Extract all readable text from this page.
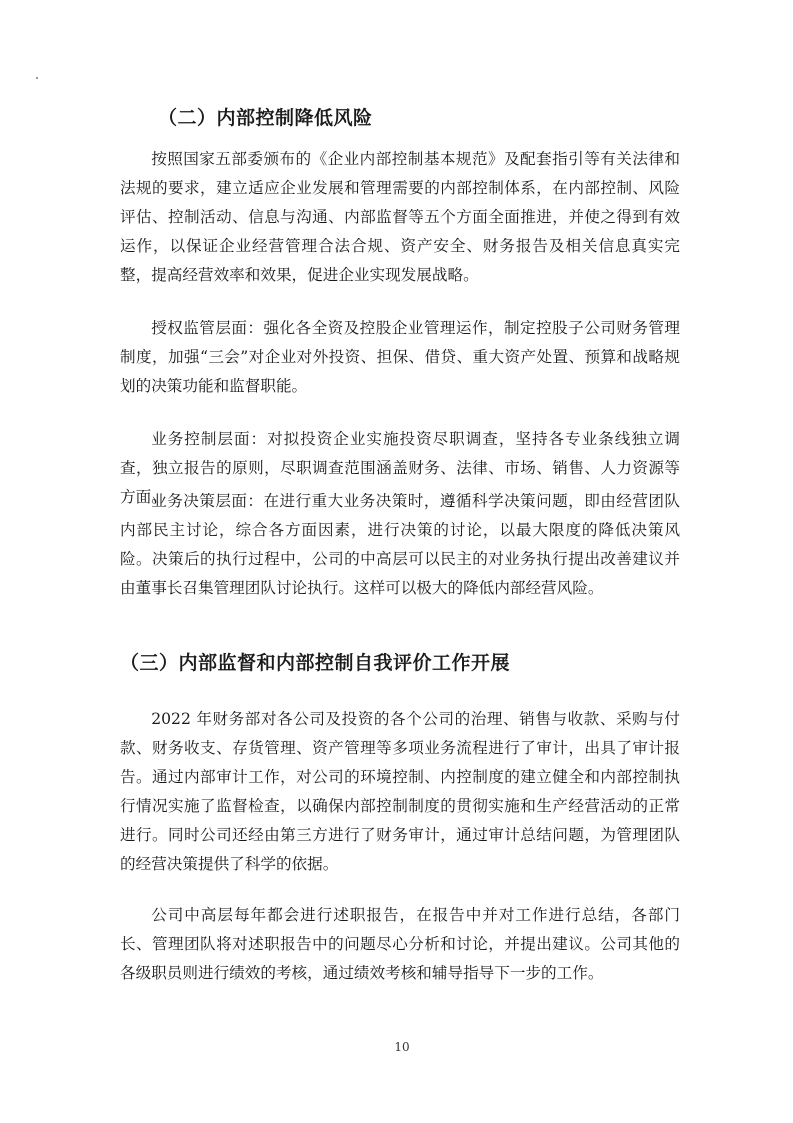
（二）内部控制降低风险

按照国家五部委颁布的《企业内部控制基本规范》及配套指引等有关法律和法规的要求，建立适应企业发展和管理需要的内部控制体系，在内部控制、风险评估、控制活动、信息与沟通、内部监督等五个方面全面推进，并使之得到有效运作，以保证企业经营管理合法合规、资产安全、财务报告及相关信息真实完整，提高经营效率和效果，促进企业实现发展战略。

授权监管层面：强化各全资及控股企业管理运作，制定控股子公司财务管理制度，加强“三会”对企业对外投资、担保、借贷、重大资产处置、预算和战略规划的决策功能和监督职能。

业务控制层面：对拟投资企业实施投资尽职调查，坚持各专业条线独立调查，独立报告的原则，尽职调查范围涵盖财务、法律、市场、销售、人力资源等方面。

业务决策层面：在进行重大业务决策时，遵循科学决策问题，即由经营团队内部民主讨论，综合各方面因素，进行决策的讨论，以最大限度的降低决策风险。决策后的执行过程中，公司的中高层可以民主的对业务执行提出改善建议并由董事长召集管理团队讨论执行。这样可以极大的降低内部经营风险。

（三）内部监督和内部控制自我评价工作开展

2022 年财务部对各公司及投资的各个公司的治理、销售与收款、采购与付款、财务收支、存货管理、资产管理等多项业务流程进行了审计，出具了审计报告。通过内部审计工作，对公司的环境控制、内控制度的建立健全和内部控制执行情况实施了监督检查，以确保内部控制制度的贯彻实施和生产经营活动的正常进行。同时公司还经由第三方进行了财务审计，通过审计总结问题，为管理团队的经营决策提供了科学的依据。

公司中高层每年都会进行述职报告，在报告中并对工作进行总结，各部门长、管理团队将对述职报告中的问题尽心分析和讨论，并提出建议。公司其他的各级职员则进行绩效的考核，通过绩效考核和辅导指导下一步的工作。

10
